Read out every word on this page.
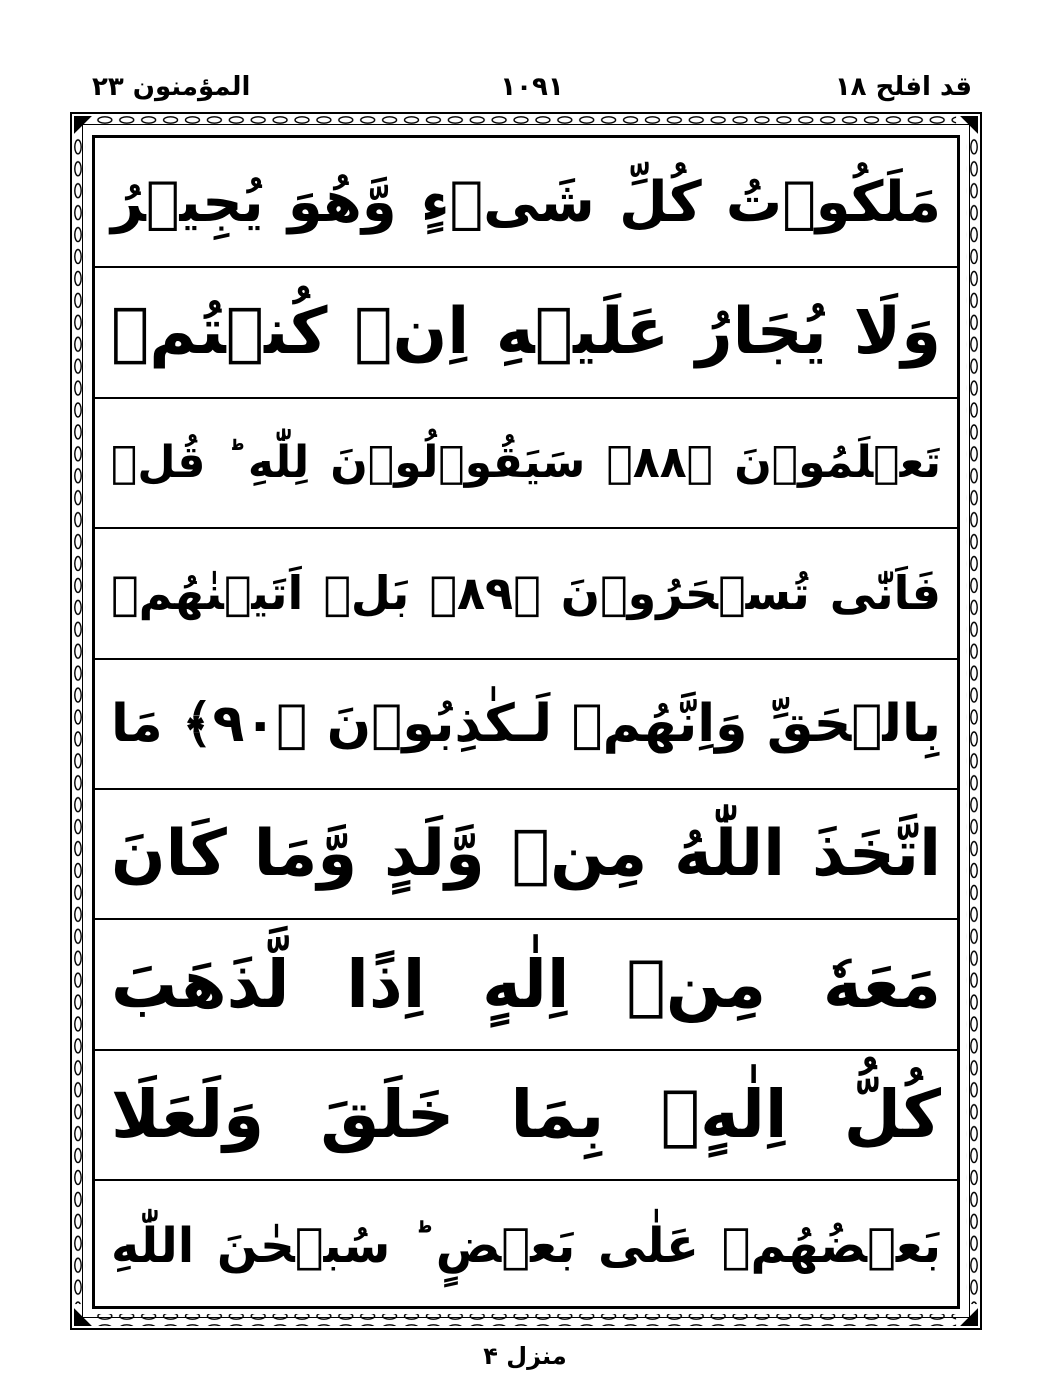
قد افلح ١٨
١٠٩١
المؤمنون ٢٣
مَلَكُوۡتُ كُلِّ شَىۡءٍ وَّهُوَ يُجِيۡرُ
وَلَا يُجَارُ عَلَيۡهِ اِنۡ كُنۡتُمۡ
تَعۡلَمُوۡنَ ﴿٨٨﴾ سَيَقُوۡلُوۡنَ لِلّٰهِ ؕ قُلۡ
فَاَنّٰى تُسۡحَرُوۡنَ ﴿٨٩﴾ بَلۡ اَتَيۡنٰهُمۡ
بِالۡحَقِّ وَاِنَّهُمۡ لَـكٰذِبُوۡنَ ﴿٩٠﴾ مَا
اتَّخَذَ اللّٰهُ مِنۡ وَّلَدٍ وَّمَا كَانَ
مَعَهٗ مِنۡ اِلٰهٍ اِذًا لَّذَهَبَ
كُلُّ اِلٰهٍۢ بِمَا خَلَقَ وَلَعَلَا
بَعۡضُهُمۡ عَلٰى بَعۡضٍ ؕ سُبۡحٰنَ اللّٰهِ
منزل ۴
